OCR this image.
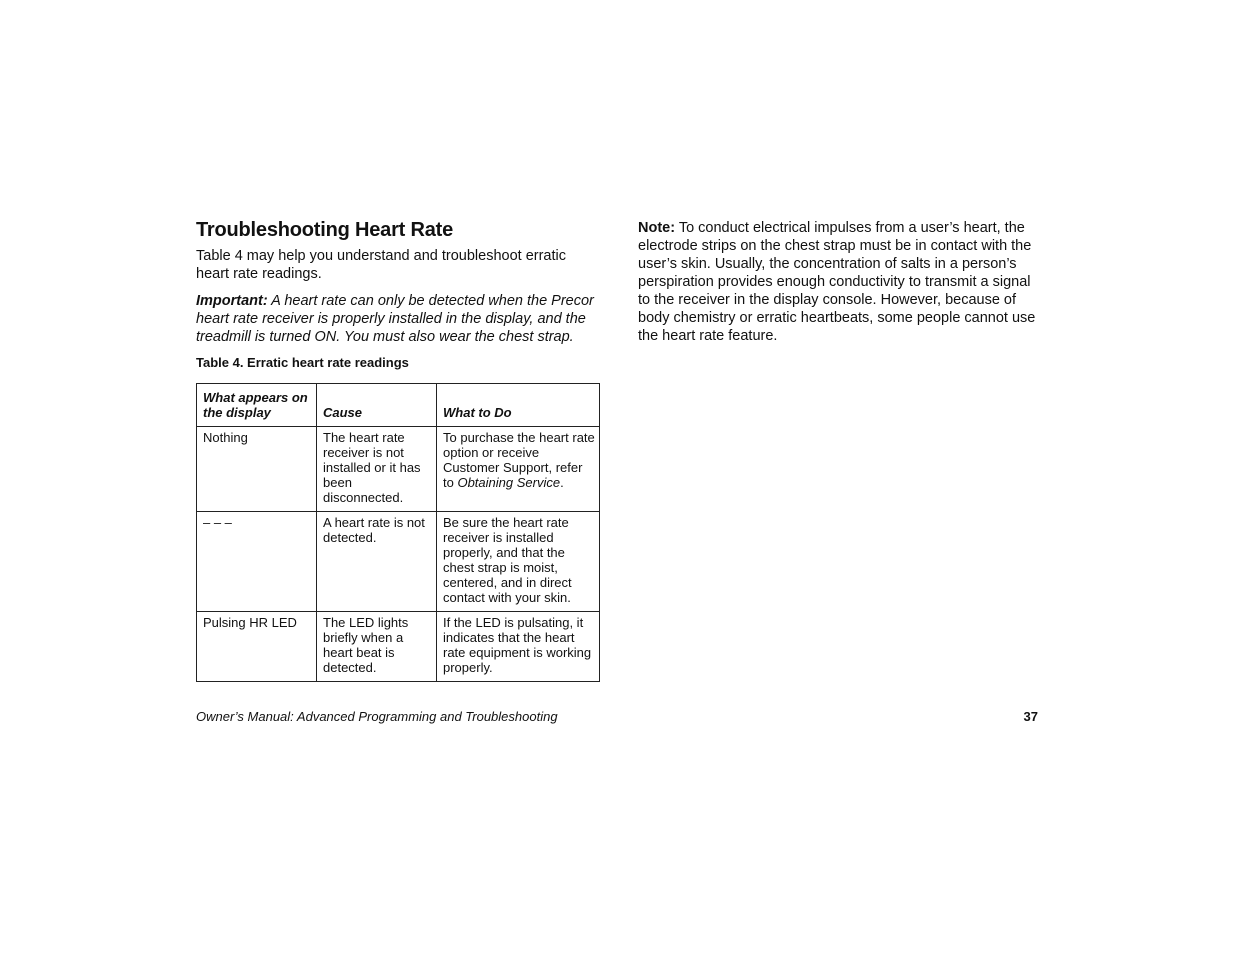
Troubleshooting Heart Rate

Table 4 may help you understand and troubleshoot erratic heart rate readings.

Important: A heart rate can only be detected when the Precor heart rate receiver is properly installed in the display, and the treadmill is turned ON. You must also wear the chest strap.

Table 4. Erratic heart rate readings

What appears on the display	Cause	What to Do
Nothing	The heart rate receiver is not installed or it has been disconnected.	To purchase the heart rate option or receive Customer Support, refer to Obtaining Service.
– – –	A heart rate is not detected.	Be sure the heart rate receiver is installed properly, and that the chest strap is moist, centered, and in direct contact with your skin.
Pulsing HR LED	The LED lights briefly when a heart beat is detected.	If the LED is pulsating, it indicates that the heart rate equipment is working properly.

Note: To conduct electrical impulses from a user’s heart, the electrode strips on the chest strap must be in contact with the user’s skin. Usually, the concentration of salts in a person’s perspiration provides enough conductivity to transmit a signal to the receiver in the display console. However, because of body chemistry or erratic heartbeats, some people cannot use the heart rate feature.

Owner’s Manual: Advanced Programming and Troubleshooting	37
